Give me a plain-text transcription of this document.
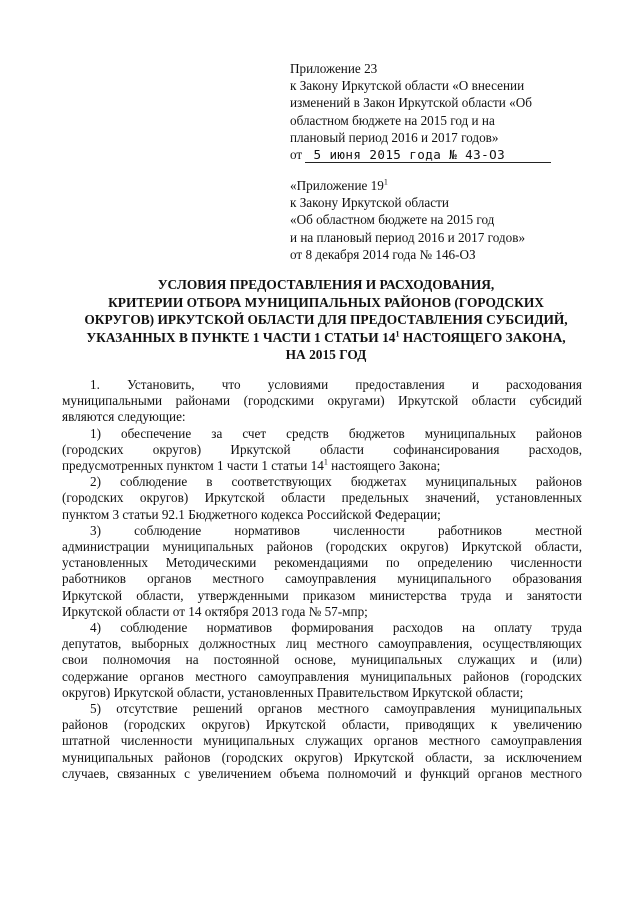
Приложение 23
к Закону Иркутской области «О внесении
изменений в Закон Иркутской области «Об
областном бюджете на 2015 год и на
плановый период 2016 и 2017 годов»
от 5 июня 2015 года № 43-ОЗ
«Приложение $19^1$
к Закону Иркутской области
«Об областном бюджете на 2015 год
и на плановый период 2016 и 2017 годов»
от 8 декабря 2014 года № 146-ОЗ
УСЛОВИЯ ПРЕДОСТАВЛЕНИЯ И РАСХОДОВАНИЯ,
КРИТЕРИИ ОТБОРА МУНИЦИПАЛЬНЫХ РАЙОНОВ (ГОРОДСКИХ
ОКРУГОВ) ИРКУТСКОЙ ОБЛАСТИ ДЛЯ ПРЕДОСТАВЛЕНИЯ СУБСИДИЙ,
УКАЗАННЫХ В ПУНКТЕ 1 ЧАСТИ 1 СТАТЬИ $14^1$ НАСТОЯЩЕГО ЗАКОНА,
НА 2015 ГОД

1. Установить, что условиями предоставления и расходования
муниципальными районами (городскими округами) Иркутской области субсидий
являются следующие:

1) обеспечение за счет средств бюджетов муниципальных районов
(городских округов) Иркутской области софинансирования расходов,
предусмотренных пунктом 1 части 1 статьи $14^1$ настоящего Закона;

2) соблюдение в соответствующих бюджетах муниципальных районов
(городских округов) Иркутской области предельных значений, установленных
пунктом 3 статьи 92.1 Бюджетного кодекса Российской Федерации;

3) соблюдение нормативов численности работников местной
администрации муниципальных районов (городских округов) Иркутской области,
установленных Методическими рекомендациями по определению численности
работников органов местного самоуправления муниципального образования
Иркутской области, утвержденными приказом министерства труда и занятости
Иркутской области от 14 октября 2013 года № 57-мпр;

4) соблюдение нормативов формирования расходов на оплату труда
депутатов, выборных должностных лиц местного самоуправления, осуществляющих
свои полномочия на постоянной основе, муниципальных служащих и (или)
содержание органов местного самоуправления муниципальных районов (городских
округов) Иркутской области, установленных Правительством Иркутской области;

5) отсутствие решений органов местного самоуправления муниципальных
районов (городских округов) Иркутской области, приводящих к увеличению
штатной численности муниципальных служащих органов местного самоуправления
муниципальных районов (городских округов) Иркутской области, за исключением
случаев, связанных с увеличением объема полномочий и функций органов местного
